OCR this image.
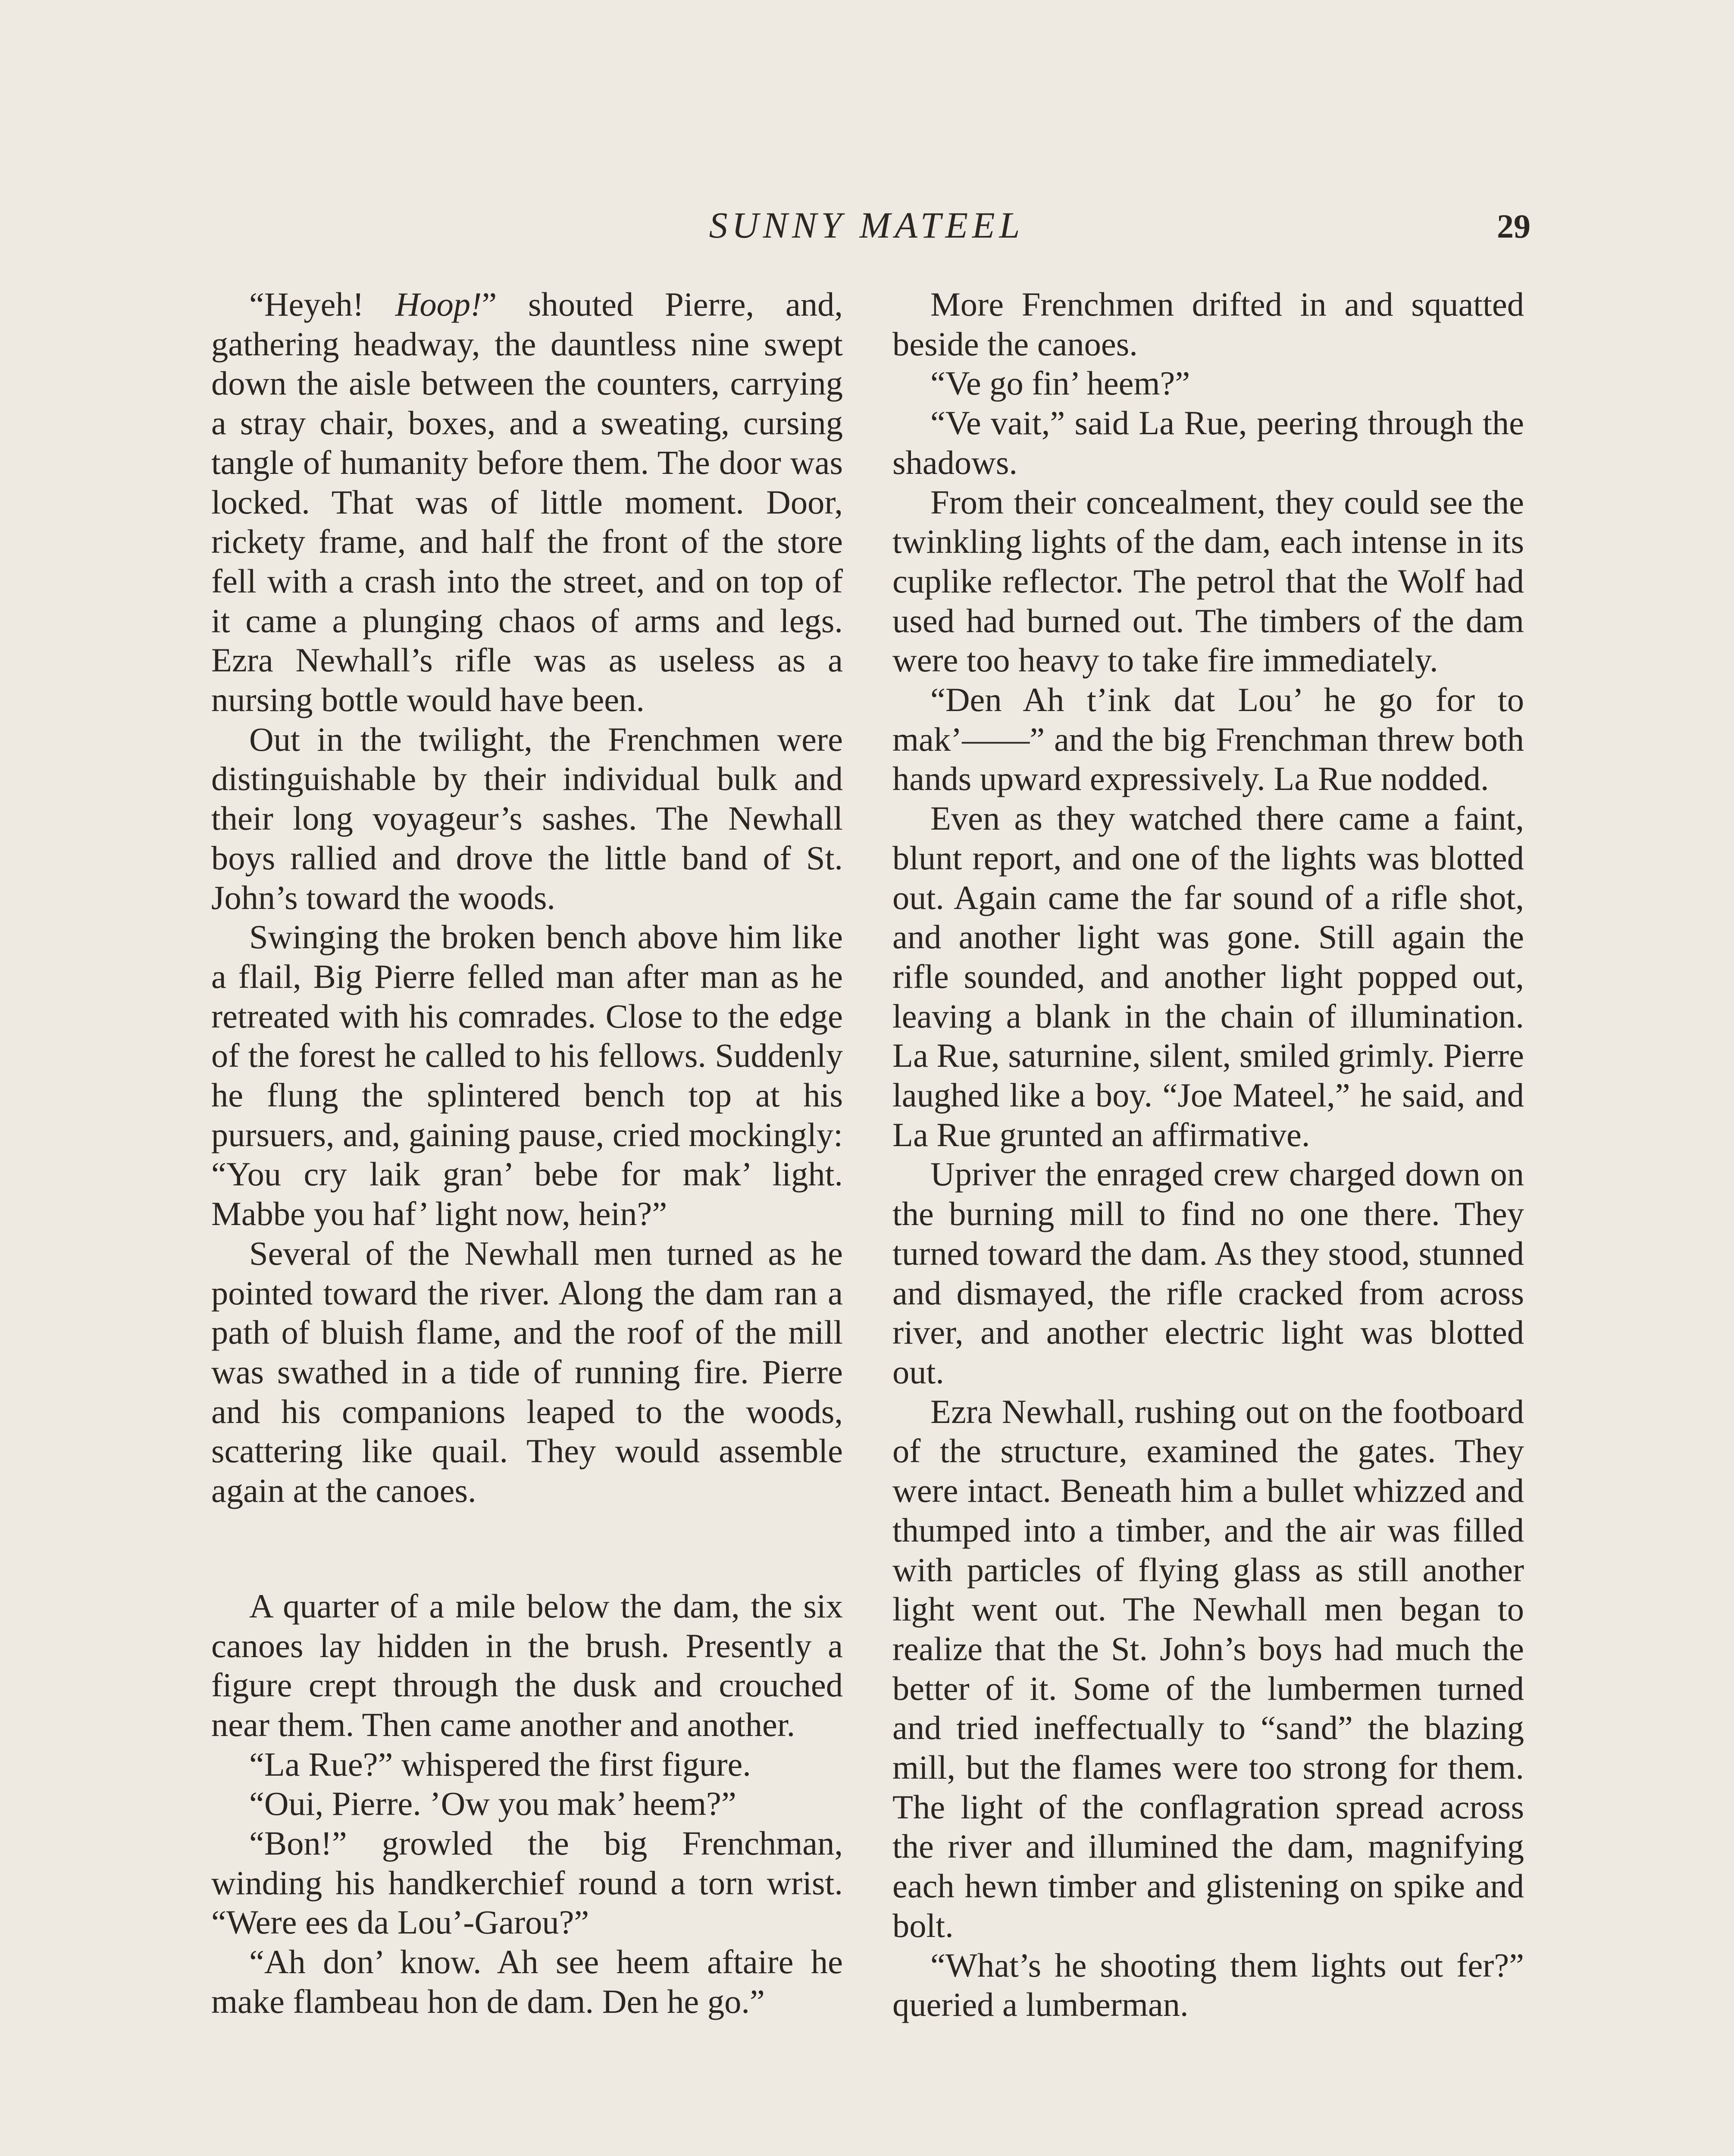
SUNNY MATEEL	29

“Heyeh! Hoop!” shouted Pierre, and, gathering headway, the dauntless nine swept down the aisle between the counters, carrying a stray chair, boxes, and a sweating, cursing tangle of humanity before them. The door was locked. That was of little moment. Door, rickety frame, and half the front of the store fell with a crash into the street, and on top of it came a plunging chaos of arms and legs. Ezra Newhall’s rifle was as useless as a nursing bottle would have been.

Out in the twilight, the Frenchmen were distinguishable by their individual bulk and their long voyageur’s sashes. The Newhall boys rallied and drove the little band of St. John’s toward the woods.

Swinging the broken bench above him like a flail, Big Pierre felled man after man as he retreated with his comrades. Close to the edge of the forest he called to his fellows. Suddenly he flung the splintered bench top at his pursuers, and, gaining pause, cried mockingly: “You cry laik gran’ bebe for mak’ light. Mabbe you haf’ light now, hein?”

Several of the Newhall men turned as he pointed toward the river. Along the dam ran a path of bluish flame, and the roof of the mill was swathed in a tide of running fire. Pierre and his companions leaped to the woods, scattering like quail. They would assemble again at the canoes.

A quarter of a mile below the dam, the six canoes lay hidden in the brush. Presently a figure crept through the dusk and crouched near them. Then came another and another.

“La Rue?” whispered the first figure.

“Oui, Pierre. ’Ow you mak’ heem?”

“Bon!” growled the big Frenchman, winding his handkerchief round a torn wrist. “Were ees da Lou’-Garou?”

“Ah don’ know. Ah see heem aftaire he make flambeau hon de dam. Den he go.”

More Frenchmen drifted in and squatted beside the canoes.

“Ve go fin’ heem?”

“Ve vait,” said La Rue, peering through the shadows.

From their concealment, they could see the twinkling lights of the dam, each intense in its cuplike reflector. The petrol that the Wolf had used had burned out. The timbers of the dam were too heavy to take fire immediately.

“Den Ah t’ink dat Lou’ he go for to mak’——” and the big Frenchman threw both hands upward expressively. La Rue nodded.

Even as they watched there came a faint, blunt report, and one of the lights was blotted out. Again came the far sound of a rifle shot, and another light was gone. Still again the rifle sounded, and another light popped out, leaving a blank in the chain of illumination. La Rue, saturnine, silent, smiled grimly. Pierre laughed like a boy. “Joe Mateel,” he said, and La Rue grunted an affirmative.

Upriver the enraged crew charged down on the burning mill to find no one there. They turned toward the dam. As they stood, stunned and dismayed, the rifle cracked from across river, and another electric light was blotted out.

Ezra Newhall, rushing out on the footboard of the structure, examined the gates. They were intact. Beneath him a bullet whizzed and thumped into a timber, and the air was filled with particles of flying glass as still another light went out. The Newhall men began to realize that the St. John’s boys had much the better of it. Some of the lumbermen turned and tried ineffectually to “sand” the blazing mill, but the flames were too strong for them. The light of the conflagration spread across the river and illumined the dam, magnifying each hewn timber and glistening on spike and bolt.

“What’s he shooting them lights out fer?” queried a lumberman.
